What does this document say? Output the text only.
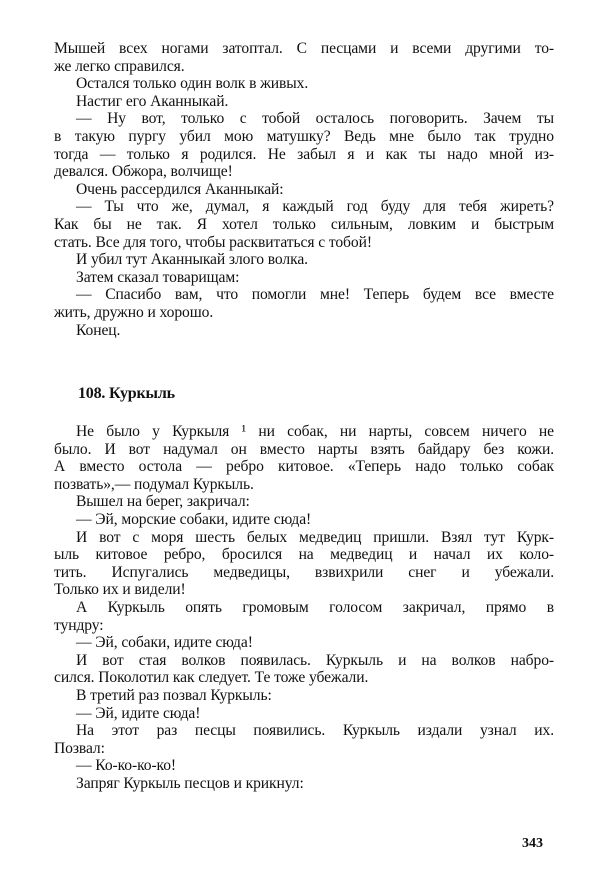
Мышей всех ногами затоптал. С песцами и всеми другими то-
же легко справился.
Остался только один волк в живых.
Настиг его Аканныкай.
— Ну вот, только с тобой осталось поговорить. Зачем ты
в такую пургу убил мою матушку? Ведь мне было так трудно
тогда — только я родился. Не забыл я и как ты надо мной из-
девался. Обжора, волчище!
Очень рассердился Аканныкай:
— Ты что же, думал, я каждый год буду для тебя жиреть?
Как бы не так. Я хотел только сильным, ловким и быстрым
стать. Все для того, чтобы расквитаться с тобой!
И убил тут Аканныкай злого волка.
Затем сказал товарищам:
— Спасибо вам, что помогли мне! Теперь будем все вместе
жить, дружно и хорошо.
Конец.
108. Куркыль
Не было у Куркыля ¹ ни собак, ни нарты, совсем ничего не
было. И вот надумал он вместо нарты взять байдару без кожи.
А вместо остола — ребро китовое. «Теперь надо только собак
позвать»,— подумал Куркыль.
Вышел на берег, закричал:
— Эй, морские собаки, идите сюда!
И вот с моря шесть белых медведиц пришли. Взял тут Курк-
ыль китовое ребро, бросился на медведиц и начал их коло-
тить. Испугались медведицы, взвихрили снег и убежали.
Только их и видели!
А Куркыль опять громовым голосом закричал, прямо в
тундру:
— Эй, собаки, идите сюда!
И вот стая волков появилась. Куркыль и на волков набро-
сился. Поколотил как следует. Те тоже убежали.
В третий раз позвал Куркыль:
— Эй, идите сюда!
На этот раз песцы появились. Куркыль издали узнал их.
Позвал:
— Ко-ко-ко-ко!
Запряг Куркыль песцов и крикнул:
343
